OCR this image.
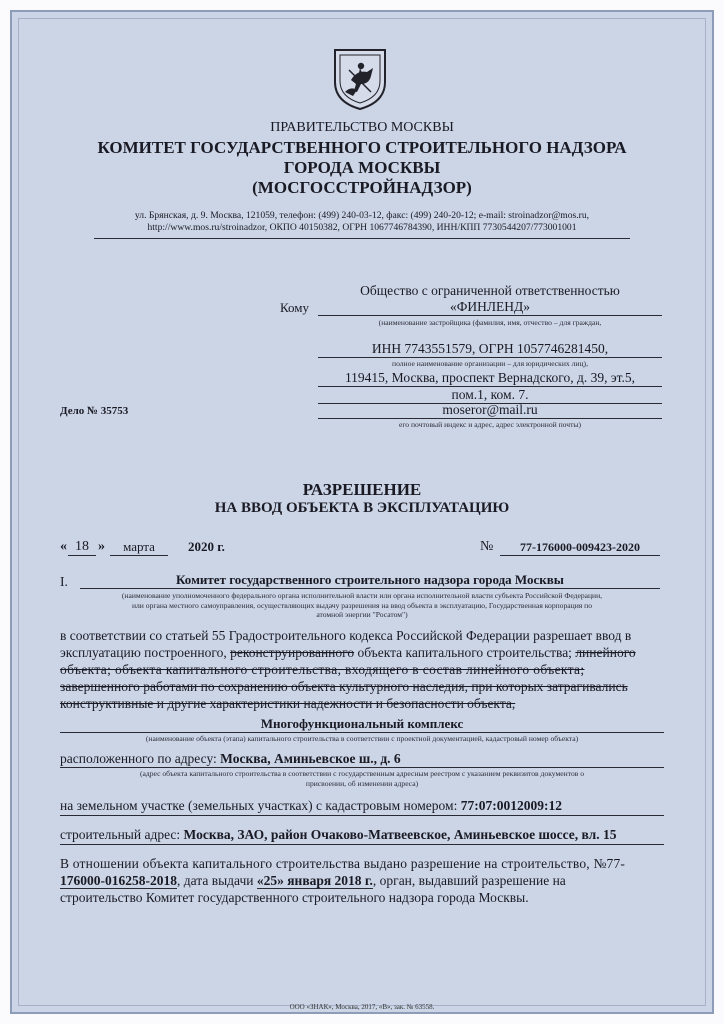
ПРАВИТЕЛЬСТВО МОСКВЫ
КОМИТЕТ ГОСУДАРСТВЕННОГО СТРОИТЕЛЬНОГО НАДЗОРА
ГОРОДА МОСКВЫ
(МОСГОССТРОЙНАДЗОР)
ул. Брянская, д. 9. Москва, 121059, телефон: (499) 240-03-12, факс: (499) 240-20-12; e-mail: stroinadzor@mos.ru,
http://www.mos.ru/stroinadzor, ОКПО 40150382, ОГРН 1067746784390, ИНН/КПП 7730544207/773001001
Кому
Общество с ограниченной ответственностью
«ФИНЛЕНД»
(наименование застройщика (фамилия, имя, отчество – для граждан,
ИНН 7743551579, ОГРН 1057746281450,
полное наименование организации – для юридических лиц),
119415, Москва, проспект Вернадского, д. 39, эт.5,
пом.1, ком. 7.
moseror@mail.ru
его почтовый индекс и адрес, адрес электронной почты)
Дело № 35753
РАЗРЕШЕНИЕ
НА ВВОД ОБЪЕКТА В ЭКСПЛУАТАЦИЮ
« 18 »	марта	2020 г.	№	77-176000-009423-2020
I.	Комитет государственного строительного надзора города Москвы
(наименование уполномоченного федерального органа исполнительной власти или органа исполнительной власти субъекта Российской Федерации,
или органа местного самоуправления, осуществляющих выдачу разрешения на ввод объекта в эксплуатацию, Государственная корпорация по
атомной энергии "Росатом")
в соответствии со статьей 55 Градостроительного кодекса Российской Федерации разрешает ввод в
эксплуатацию построенного, реконструированного объекта капитального строительства; линейного
объекта; объекта капитального строительства, входящего в состав линейного объекта;
завершенного работами по сохранению объекта культурного наследия, при которых затрагивались
конструктивные и другие характеристики надежности и безопасности объекта,
Многофункциональный комплекс
(наименование объекта (этапа) капитального строительства в соответствии с проектной документацией, кадастровый номер объекта)
расположенного по адресу: Москва, Аминьевское ш., д. 6
(адрес объекта капитального строительства в соответствии с государственным адресным реестром с указанием реквизитов документов о
присвоении, об изменении адреса)
на земельном участке (земельных участках) с кадастровым номером: 77:07:0012009:12
строительный адрес: Москва, ЗАО, район Очаково-Матвеевское, Аминьевское шоссе, вл. 15
В отношении объекта капитального строительства выдано разрешение на строительство, №77-
176000-016258-2018, дата выдачи «25» января 2018 г., орган, выдавший разрешение на
строительство Комитет государственного строительного надзора города Москвы.
ООО «ЗНАК», Москва, 2017, «В», зак. № 63558.
